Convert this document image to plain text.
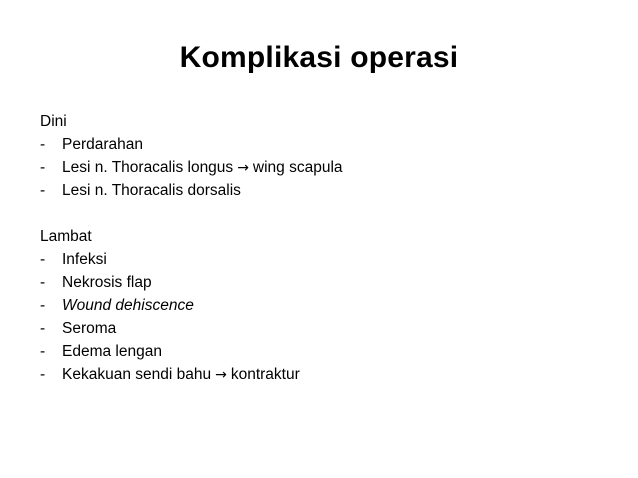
Komplikasi operasi
Dini
- Perdarahan
- Lesi n. Thoracalis longus → wing scapula
- Lesi n. Thoracalis dorsalis
Lambat
- Infeksi
- Nekrosis flap
- Wound dehiscence
- Seroma
- Edema lengan
- Kekakuan sendi bahu → kontraktur
